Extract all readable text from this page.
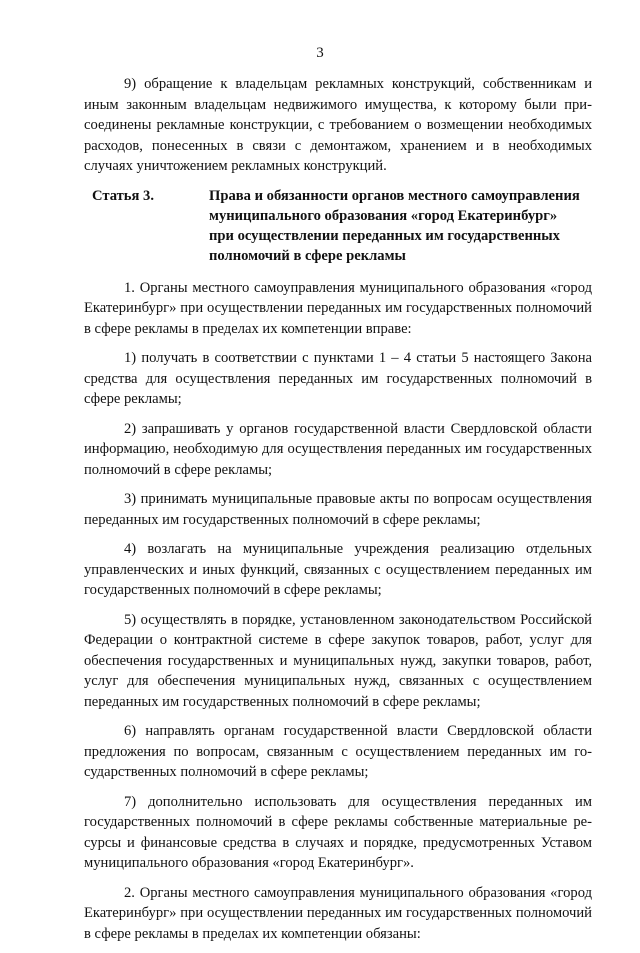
3

9) обращение к владельцам рекламных конструкций, собственникам и иным законным владельцам недвижимого имущества, к которому были присоединены рекламные конструкции, с требованием о возмещении необходимых расходов, понесенных в связи с демонтажом, хранением и в необходимых случаях уничтожением рекламных конструкций.

Статья 3.	Права и обязанности органов местного самоуправления
муниципального образования «город Екатеринбург»
при осуществлении переданных им государственных
полномочий в сфере рекламы

1. Органы местного самоуправления муниципального образования «город Екатеринбург» при осуществлении переданных им государственных полномочий в сфере рекламы в пределах их компетенции вправе:

1) получать в соответствии с пунктами 1 – 4 статьи 5 настоящего Закона средства для осуществления переданных им государственных полномочий в сфере рекламы;

2) запрашивать у органов государственной власти Свердловской области информацию, необходимую для осуществления переданных им государственных полномочий в сфере рекламы;

3) принимать муниципальные правовые акты по вопросам осуществления переданных им государственных полномочий в сфере рекламы;

4) возлагать на муниципальные учреждения реализацию отдельных управленческих и иных функций, связанных с осуществлением переданных им государственных полномочий в сфере рекламы;

5) осуществлять в порядке, установленном законодательством Российской Федерации о контрактной системе в сфере закупок товаров, работ, услуг для обеспечения государственных и муниципальных нужд, закупки товаров, работ, услуг для обеспечения муниципальных нужд, связанных с осуществлением переданных им государственных полномочий в сфере рекламы;

6) направлять органам государственной власти Свердловской области предложения по вопросам, связанным с осуществлением переданных им государственных полномочий в сфере рекламы;

7) дополнительно использовать для осуществления переданных им государственных полномочий в сфере рекламы собственные материальные ресурсы и финансовые средства в случаях и порядке, предусмотренных Уставом муниципального образования «город Екатеринбург».

2. Органы местного самоуправления муниципального образования «город Екатеринбург» при осуществлении переданных им государственных полномочий в сфере рекламы в пределах их компетенции обязаны:
